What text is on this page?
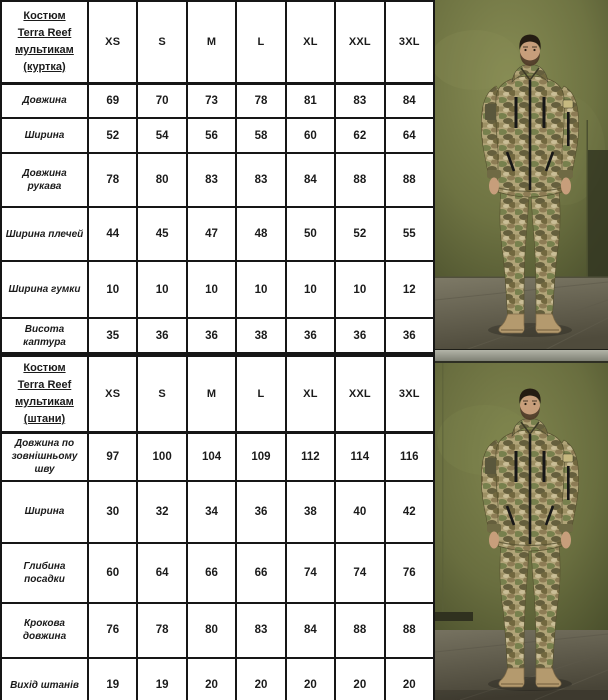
Костюм Terra Reef мультикам (куртка)	XS	S	M	L	XL	XXL	3XL
Довжина	69	70	73	78	81	83	84
Ширина	52	54	56	58	60	62	64
Довжина рукава	78	80	83	83	84	88	88
Ширина плечей	44	45	47	48	50	52	55
Ширина гумки	10	10	10	10	10	10	12
Висота каптура	35	36	36	38	36	36	36
Костюм Terra Reef мультикам (штани)	XS	S	M	L	XL	XXL	3XL
Довжина по зовнішньому шву	97	100	104	109	112	114	116
Ширина	30	32	34	36	38	40	42
Глибина посадки	60	64	66	66	74	74	76
Крокова довжина	76	78	80	83	84	88	88
Вихід штанів	19	19	20	20	20	20	20
